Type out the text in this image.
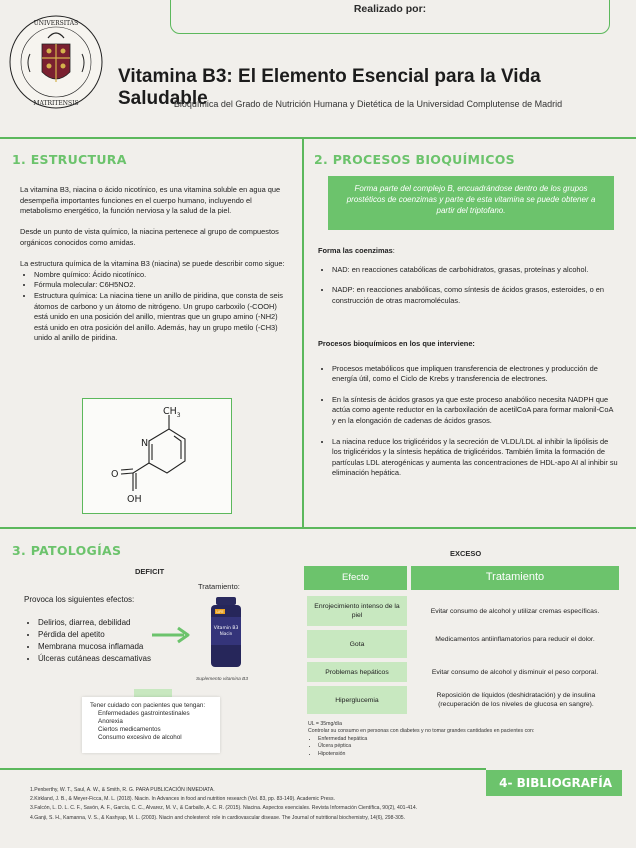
Realizado por:
UNIVERSITAS
MATRITENSIS
Vitamina B3: El Elemento Esencial para la Vida Saludable
Bioquímica del Grado de Nutrición Humana y Dietética de la Universidad Complutense de Madrid
1. ESTRUCTURA

La vitamina B3, niacina o ácido nicotínico, es una vitamina soluble en agua que desempeña importantes funciones en el cuerpo humano, incluyendo el metabolismo energético, la función nerviosa y la salud de la piel.

Desde un punto de vista químico, la niacina pertenece al grupo de compuestos orgánicos conocidos como amidas.

La estructura química de la vitamina B3 (niacina) se puede describir como sigue:

• Nombre químico: Ácido nicotínico.
• Fórmula molecular: C6H5NO2.
• Estructura química: La niacina tiene un anillo de piridina, que consta de seis átomos de carbono y un átomo de nitrógeno. Un grupo carboxilo (-COOH) está unido en una posición del anillo, mientras que un grupo amino (-NH2) está unido en otra posición del anillo. Además, hay un grupo metilo (-CH3) unido al anillo de piridina.
$CH_3$
N
O
OH
2. PROCESOS BIOQUÍMICOS
Forma parte del complejo B, encuadrándose dentro de los grupos prostéticos de coenzimas y parte de esta vitamina se puede obtener a partir del triptofano.

Forma las coenzimas:

• NAD: en reacciones catabólicas de carbohidratos, grasas, proteínas y alcohol.
• NADP: en reacciones anabólicas, como síntesis de ácidos grasos, esteroides, o en construcción de otras macromoléculas.

Procesos bioquímicos en los que interviene:

• Procesos metabólicos que impliquen transferencia de electrones y producción de energía útil, como el Ciclo de Krebs y transferencia de electrones.
• En la síntesis de ácidos grasos ya que este proceso anabólico necesita NADPH que actúa como agente reductor en la carboxilación de acetilCoA para formar malonil-CoA y en la elongación de cadenas de ácidos grasos.
• La niacina reduce los triglicéridos y la secreción de VLDL/LDL al inhibir la lipólisis de los triglicéridos y la síntesis hepática de triglicéridos. También limita la formación de partículas LDL aterogénicas y aumenta las concentraciones de HDL-apo AI al inhibir su eliminación hepática.
3. PATOLOGÍAS
DEFICIT
Provoca los siguientes efectos:
• Delirios, diarrea, debilidad
• Pérdida del apetito
• Membrana mucosa inflamada
• Úlceras cutáneas descamativas
Tratamiento:
LIFE
Vitamin B3
Niacin
Suplemento vitamina B3
Tener cuidado con pacientes que tengan:
Enfermedades gastrointestinales
Anorexia
Ciertos medicamentos
Consumo excesivo de alcohol
EXCESO
Efecto	Tratamiento
Enrojecimiento intenso de la piel
Evitar consumo de alcohol y utilizar cremas específicas.
Gota
Medicamentos antiinflamatorios para reducir el dolor.
Problemas hepáticos	Evitar consumo de alcohol y disminuir el peso corporal.
Hiperglucemia
Reposición de líquidos (deshidratación) y de insulina (recuperación de los niveles de glucosa en sangre).
UL = 35mg/día
Controlar su consumo en personas con diabetes y no tomar grandes cantidades en pacientes con:
• Enfermedad hepática
• Úlcera péptica
• Hipotensión
4- BIBLIOGRAFÍA
1.Penberthy, W. T., Saul, A. W., & Smith, R. G. PARA PUBLICACIÓN INMEDIATA.
2.Kirkland, J. B., & Meyer-Ficca, M. L. (2018). Niacin. In Advances in food and nutrition research (Vol. 83, pp. 83-149). Academic Press.
3.Falcón, L. D. L. C. F., Savón, A. F., García, C. C., Alvarez, M. V., & Carballo, A. C. R. (2015). Niacina. Aspectos esenciales. Revista Información Científica, 90(2), 401-414.
4.Ganji, S. H., Kamanna, V. S., & Kashyap, M. L. (2003). Niacin and cholesterol: role in cardiovascular disease. The Journal of nutritional biochemistry, 14(6), 298-305.
